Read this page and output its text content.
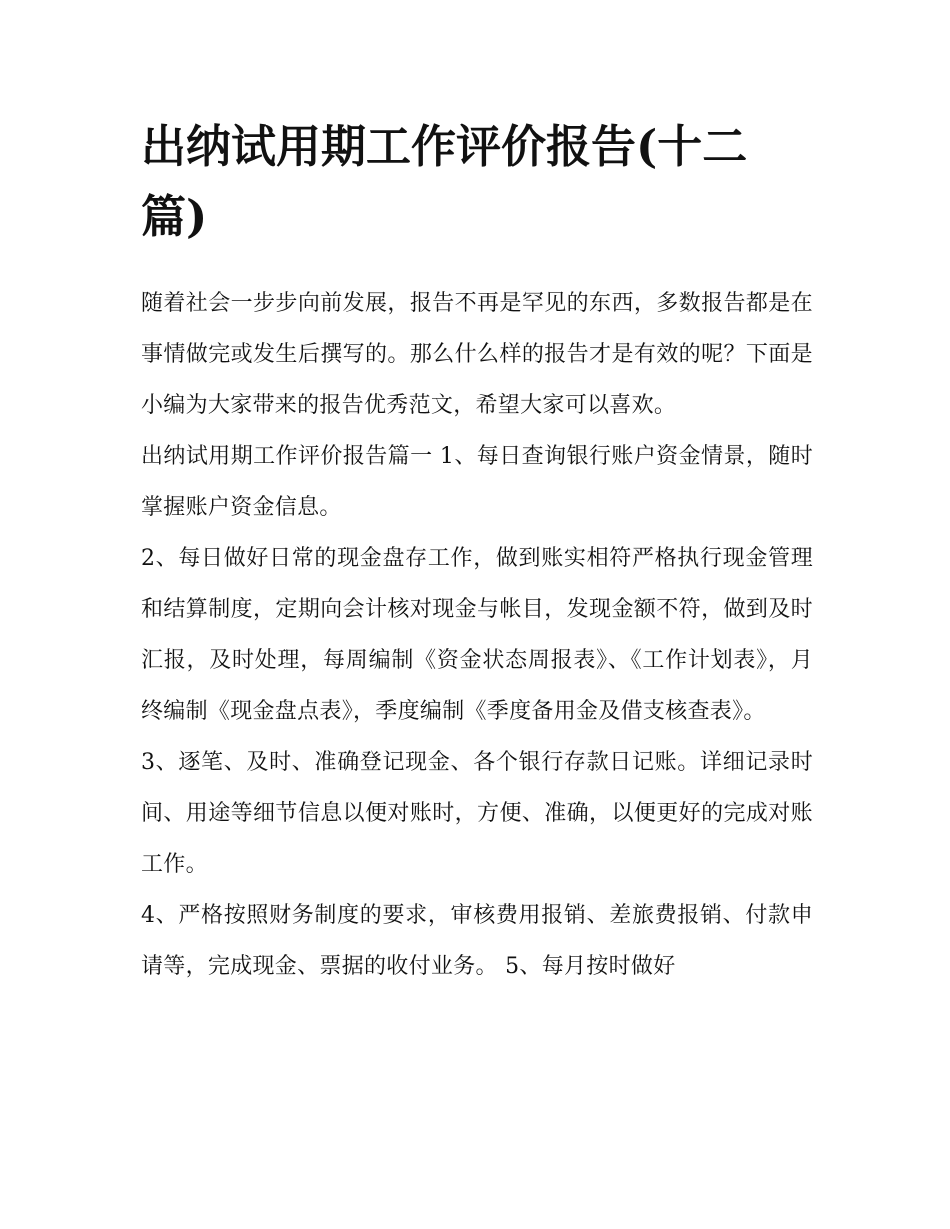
出纳试用期工作评价报告(十二篇)

随着社会一步步向前发展，报告不再是罕见的东西，多数报告都是在事情做完或发生后撰写的。那么什么样的报告才是有效的呢？下面是小编为大家带来的报告优秀范文，希望大家可以喜欢。

出纳试用期工作评价报告篇一 1、每日查询银行账户资金情景，随时掌握账户资金信息。

2、每日做好日常的现金盘存工作，做到账实相符严格执行现金管理和结算制度，定期向会计核对现金与帐目，发现金额不符，做到及时汇报，及时处理，每周编制《资金状态周报表》、《工作计划表》，月终编制《现金盘点表》，季度编制《季度备用金及借支核查表》。

3、逐笔、及时、准确登记现金、各个银行存款日记账。详细记录时间、用途等细节信息以便对账时，方便、准确，以便更好的完成对账工作。

4、严格按照财务制度的要求，审核费用报销、差旅费报销、付款申请等，完成现金、票据的收付业务。 5、每月按时做好
